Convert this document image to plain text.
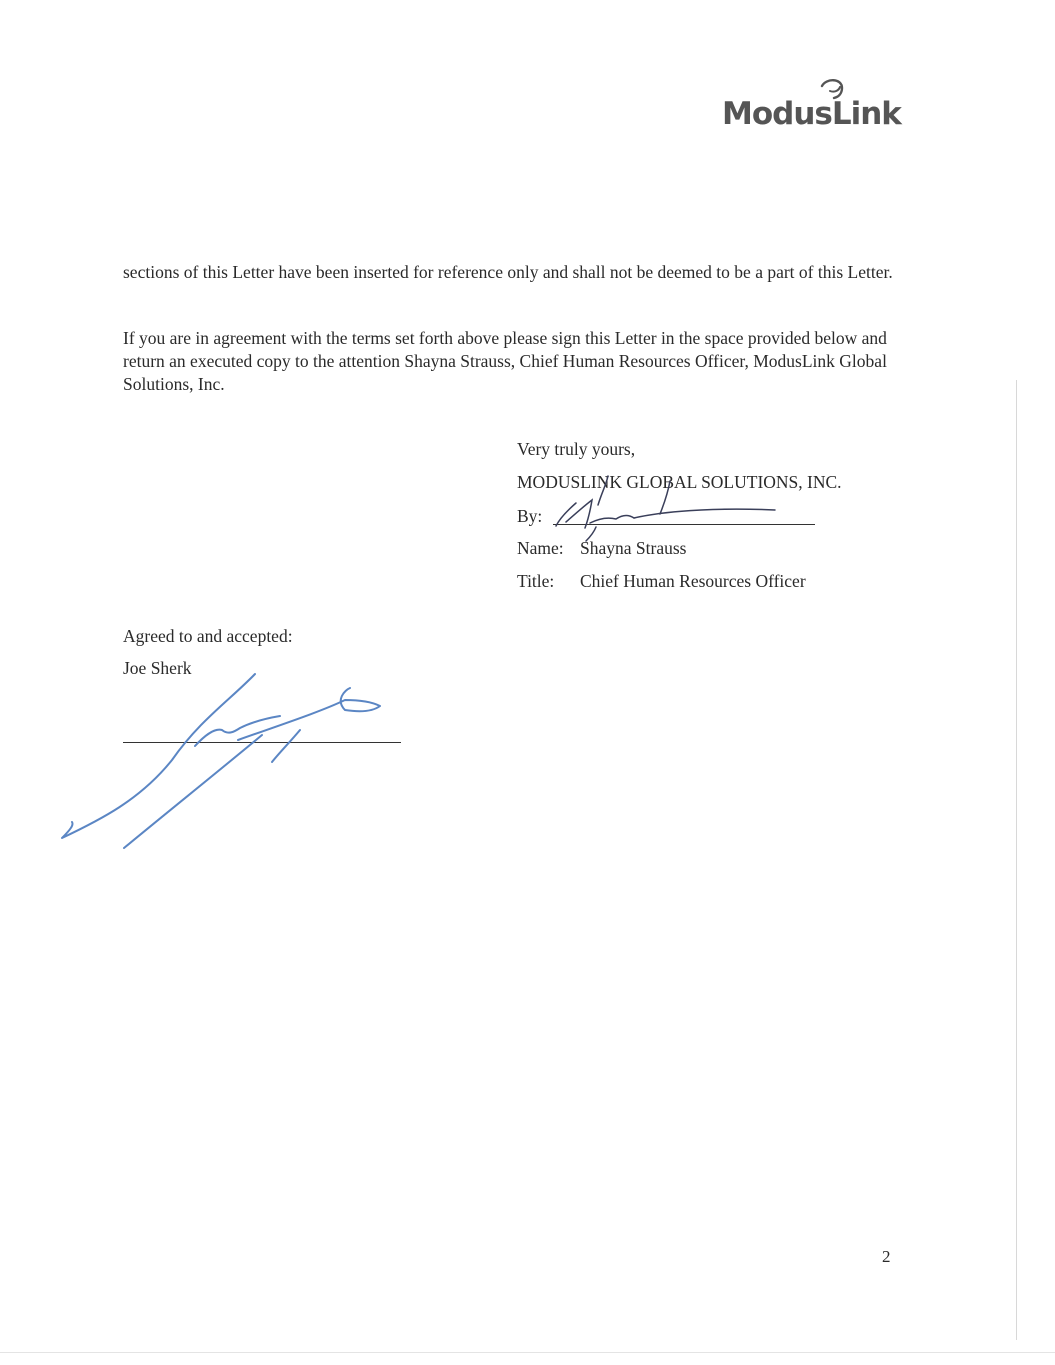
ModusLink

sections of this Letter have been inserted for reference only and shall not be deemed to be a part of this Letter.

If you are in agreement with the terms set forth above please sign this Letter in the space provided below and return an executed copy to the attention Shayna Strauss, Chief Human Resources Officer, ModusLink Global Solutions, Inc.

Very truly yours,
MODUSLINK GLOBAL SOLUTIONS, INC.
By:
Name: Shayna Strauss
Title: Chief Human Resources Officer
Agreed to and accepted:
Joe Sherk
2
